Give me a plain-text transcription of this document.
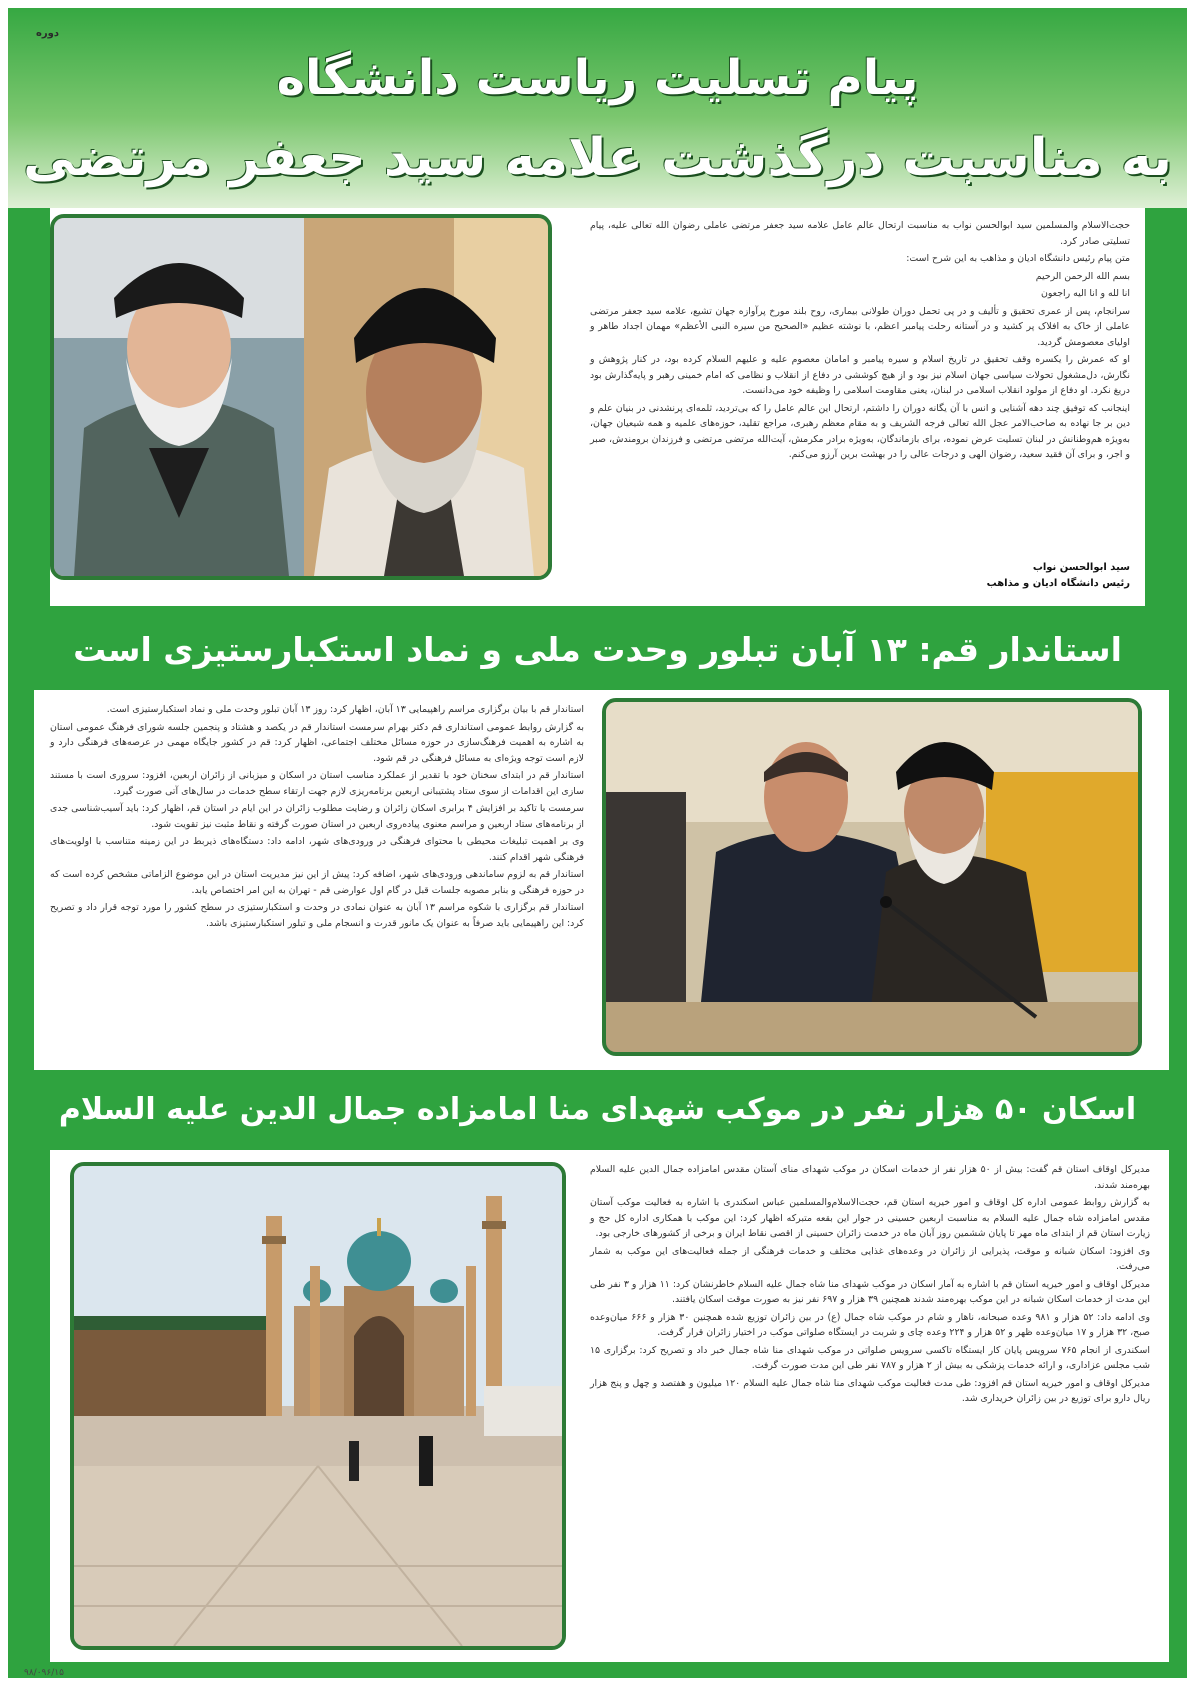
دوره
پیام تسلیت ریاست دانشگاه
به مناسبت درگذشت علامه سید جعفر مرتضی

حجت‌الاسلام والمسلمین سید ابوالحسن نواب به مناسبت ارتحال عالم عامل علامه سید جعفر مرتضی عاملی رضوان الله تعالی علیه، پیام تسلیتی صادر کرد.

متن پیام رئیس دانشگاه ادیان و مذاهب به این شرح است:

بسم الله الرحمن الرحیم

انا لله و انا الیه راجعون

سرانجام، پس از عمری تحقیق و تألیف و در پی تحمل دوران طولانی بیماری، روح بلند مورخ پرآوازه جهان تشیع، علامه سید جعفر مرتضی عاملی از خاک به افلاک پر کشید و در آستانه رحلت پیامبر اعظم، با نوشته عظیم «الصحیح من سیره النبی الأعظم» مهمان اجداد طاهر و اولیای معصومش گردید.

او که عمرش را یکسره وقف تحقیق در تاریخ اسلام و سیره پیامبر و امامان معصوم علیه و علیهم السلام کرده بود، در کنار پژوهش و نگارش، دل‌مشغول تحولات سیاسی جهان اسلام نیز بود و از هیچ کوششی در دفاع از انقلاب و نظامی که امام خمینی رهبر و پایه‌گذارش بود دریغ نکرد. او دفاع از مولود انقلاب اسلامی در لبنان، یعنی مقاومت اسلامی را وظیفه خود می‌دانست.

اینجانب که توفیق چند دهه آشنایی و انس با آن یگانه دوران را داشتم، ارتحال این عالم عامل را که بی‌تردید، ثلمه‌ای پرنشدنی در بنیان علم و دین بر جا نهاده به صاحب‌الامر عجل الله تعالی فرجه الشریف و به مقام معظم رهبری، مراجع تقلید، حوزه‌های علمیه و همه شیعیان جهان، به‌ویژه هم‌وطنانش در لبنان تسلیت عرض نموده، برای بازماندگان، به‌ویژه برادر مکرمش، آیت‌الله مرتضی مرتضی و فرزندان برومندش، صبر و اجر، و برای آن فقید سعید، رضوان الهی و درجات عالی را در بهشت برین آرزو می‌کنم.

سید ابوالحسن نواب
رئیس دانشگاه ادیان و مذاهب
استاندار قم: ۱۳ آبان تبلور وحدت ملی و نماد استکبارستیزی است

استاندار قم با بیان برگزاری مراسم راهپیمایی ۱۳ آبان، اظهار کرد: روز ۱۳ آبان تبلور وحدت ملی و نماد استکبارستیزی است.

به گزارش روابط عمومی استانداری قم دکتر بهرام سرمست استاندار قم در یکصد و هشتاد و پنجمین جلسه شورای فرهنگ عمومی استان به اشاره به اهمیت فرهنگ‌سازی در حوزه مسائل مختلف اجتماعی، اظهار کرد: قم در کشور جایگاه مهمی در عرصه‌های فرهنگی دارد و لازم است توجه ویژه‌ای به مسائل فرهنگی در قم شود.

استاندار قم در ابتدای سخنان خود با تقدیر از عملکرد مناسب استان در اسکان و میزبانی از زائران اربعین، افزود: سروری است با مستند سازی این اقدامات از سوی ستاد پشتیبانی اربعین برنامه‌ریزی لازم جهت ارتقاء سطح خدمات در سال‌های آتی صورت گیرد.

سرمست با تاکید بر افزایش ۴ برابری اسکان زائران و رضایت مطلوب زائران در این ایام در استان قم، اظهار کرد: باید آسیب‌شناسی جدی از برنامه‌های ستاد اربعین و مراسم معنوی پیاده‌روی اربعین در استان صورت گرفته و نقاط مثبت نیز تقویت شود.

وی بر اهمیت تبلیغات محیطی با محتوای فرهنگی در ورودی‌های شهر، ادامه داد: دستگاه‌های ذیربط در این زمینه متناسب با اولویت‌های فرهنگی شهر اقدام کنند.

استاندار قم به لزوم ساماندهی ورودی‌های شهر، اضافه کرد: پیش از این نیز مدیریت استان در این موضوع الزاماتی مشخص کرده است که در حوزه فرهنگی و بنابر مصوبه جلسات قبل در گام اول عوارضی قم - تهران به این امر اختصاص یابد.

استاندار قم برگزاری با شکوه مراسم ۱۳ آبان به عنوان نمادی در وحدت و استکبارستیزی در سطح کشور را مورد توجه قرار داد و تصریح کرد: این راهپیمایی باید صرفاً به عنوان یک مانور قدرت و انسجام ملی و تبلور استکبارستیزی باشد.

اسکان ۵۰ هزار نفر در موکب شهدای منا امامزاده جمال الدین علیه السلام

مدیرکل اوقاف استان قم گفت: بیش از ۵۰ هزار نفر از خدمات اسکان در موکب شهدای منای آستان مقدس امامزاده جمال الدین علیه السلام بهره‌مند شدند.

به گزارش روابط عمومی اداره کل اوقاف و امور خیریه استان قم، حجت‌الاسلام‌والمسلمین عباس اسکندری با اشاره به فعالیت موکب آستان مقدس امامزاده شاه جمال علیه السلام به مناسبت اربعین حسینی در جوار این بقعه متبرکه اظهار کرد: این موکب با همکاری اداره کل حج و زیارت استان قم از ابتدای ماه مهر تا پایان ششمین روز آبان ماه در خدمت زائران حسینی از اقصی نقاط ایران و برخی از کشورهای خارجی بود.

وی افزود: اسکان شبانه و موقت، پذیرایی از زائران در وعده‌های غذایی مختلف و خدمات فرهنگی از جمله فعالیت‌های این موکب به شمار می‌رفت.

مدیرکل اوقاف و امور خیریه استان قم با اشاره به آمار اسکان در موکب شهدای منا شاه جمال علیه السلام خاطرنشان کرد: ۱۱ هزار و ۳ نفر طی این مدت از خدمات اسکان شبانه در این موکب بهره‌مند شدند همچنین ۳۹ هزار و ۶۹۷ نفر نیز به صورت موقت اسکان یافتند.

وی ادامه داد: ۵۲ هزار و ۹۸۱ وعده صبحانه، ناهار و شام در موکب شاه جمال (ع) در بین زائران توزیع شده همچنین ۳۰ هزار و ۶۶۶ میان‌وعده صبح، ۳۲ هزار و ۱۷ میان‌وعده ظهر و ۵۲ هزار و ۲۲۴ وعده چای و شربت در ایستگاه صلواتی موکب در اختیار زائران قرار گرفت.

اسکندری از انجام ۷۶۵ سرویس پایان کار ایستگاه تاکسی سرویس صلواتی در موکب شهدای منا شاه جمال خبر داد و تصریح کرد: برگزاری ۱۵ شب مجلس عزاداری، و ارائه خدمات پزشکی به بیش از ۲ هزار و ۷۸۷ نفر طی این مدت صورت گرفت.

مدیرکل اوقاف و امور خیریه استان قم افزود: طی مدت فعالیت موکب شهدای منا شاه جمال علیه السلام ۱۲۰ میلیون و هفتصد و چهل و پنج هزار ریال دارو برای توزیع در بین زائران خریداری شد.

۹۸/۰۹۶/۱۵
